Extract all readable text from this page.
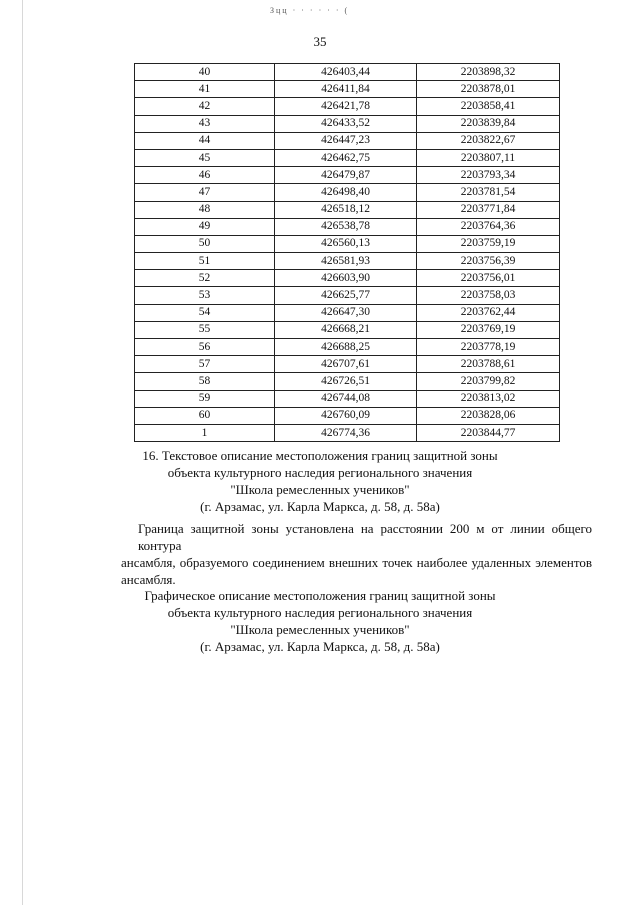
Зцц · · · · · · (
35
40	426403,44	2203898,32
41	426411,84	2203878,01
42	426421,78	2203858,41
43	426433,52	2203839,84
44	426447,23	2203822,67
45	426462,75	2203807,11
46	426479,87	2203793,34
47	426498,40	2203781,54
48	426518,12	2203771,84
49	426538,78	2203764,36
50	426560,13	2203759,19
51	426581,93	2203756,39
52	426603,90	2203756,01
53	426625,77	2203758,03
54	426647,30	2203762,44
55	426668,21	2203769,19
56	426688,25	2203778,19
57	426707,61	2203788,61
58	426726,51	2203799,82
59	426744,08	2203813,02
60	426760,09	2203828,06
1	426774,36	2203844,77
16. Текстовое описание местоположения границ защитной зоны
объекта культурного наследия регионального значения
"Школа ремесленных учеников"
(г. Арзамас, ул. Карла Маркса, д. 58, д. 58а)
Граница защитной зоны установлена на расстоянии 200 м от линии общего контура
ансамбля, образуемого соединением внешних точек наиболее удаленных элементов
ансамбля.
Графическое описание местоположения границ защитной зоны
объекта культурного наследия регионального значения
"Школа ремесленных учеников"
(г. Арзамас, ул. Карла Маркса, д. 58, д. 58а)
